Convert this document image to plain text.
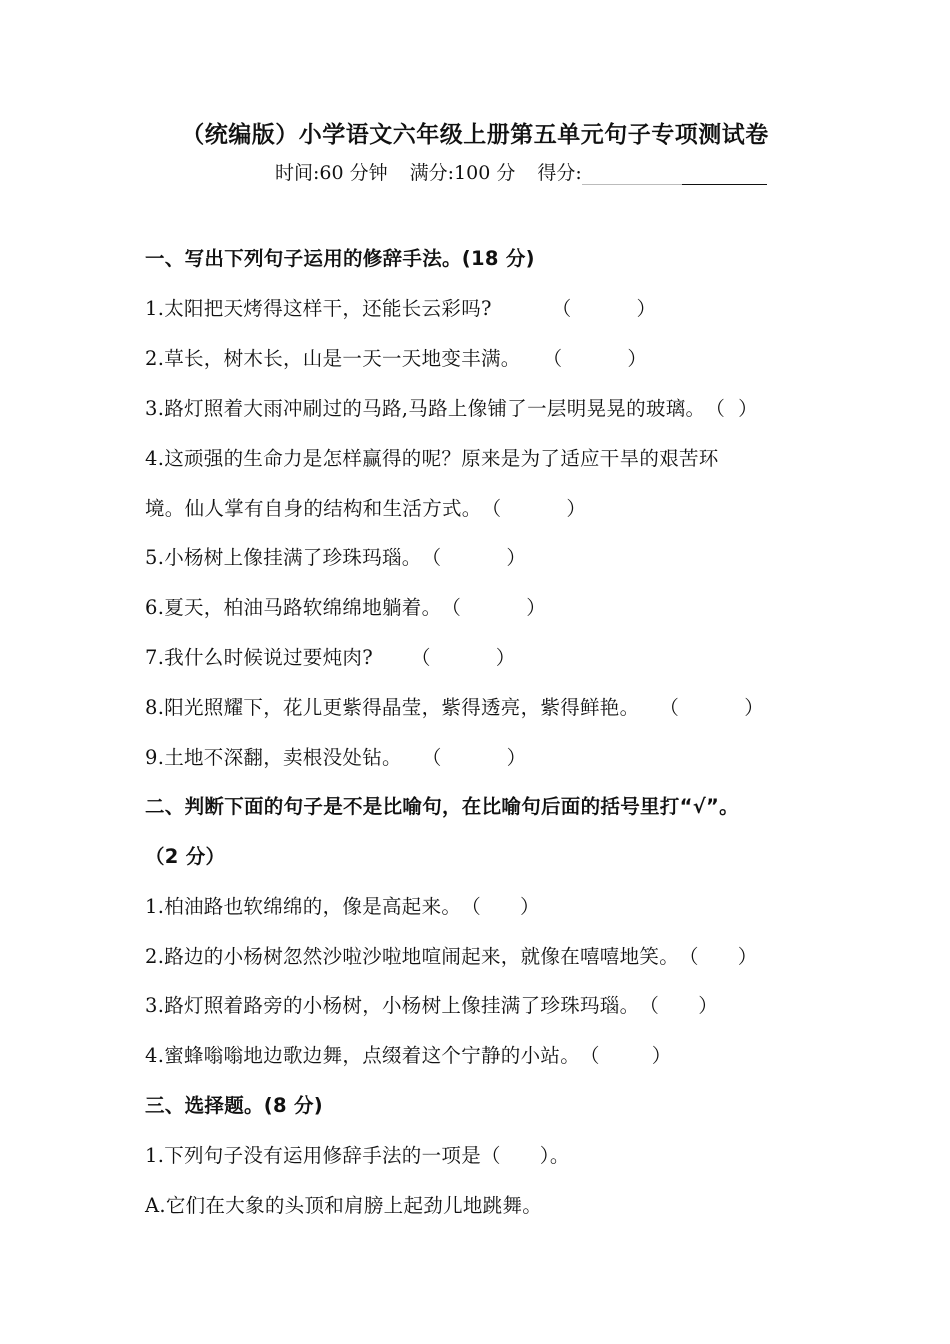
（统编版）小学语文六年级上册第五单元句子专项测试卷
时间:60 分钟 满分:100 分 得分:
一、写出下列句子运用的修辞手法。(18 分)
1.太阳把天烤得这样干，还能长云彩吗?	（          ）
2.草长，树木长，山是一天一天地变丰满。 （          ）
3.路灯照着大雨冲刷过的马路,马路上像铺了一层明晃晃的玻璃。（  ）
4.这顽强的生命力是怎样赢得的呢？原来是为了适应干旱的艰苦环
境。仙人掌有自身的结构和生活方式。（          ）
5.小杨树上像挂满了珍珠玛瑙。（          ）
6.夏天，柏油马路软绵绵地躺着。（          ）
7.我什么时候说过要炖肉? （          ）
8.阳光照耀下，花儿更紫得晶莹，紫得透亮，紫得鲜艳。 （          ）
9.土地不深翻，卖根没处钻。 （          ）
二、判断下面的句子是不是比喻句，在比喻句后面的括号里打“√”。
（2 分）
1.柏油路也软绵绵的，像是高起来。（      ）
2.路边的小杨树忽然沙啦沙啦地喧闹起来，就像在嘻嘻地笑。（      ）
3.路灯照着路旁的小杨树，小杨树上像挂满了珍珠玛瑙。（      ）
4.蜜蜂嗡嗡地边歌边舞，点缀着这个宁静的小站。（        ）
三、选择题。(8 分)
1.下列句子没有运用修辞手法的一项是（      ）。
A.它们在大象的头顶和肩膀上起劲儿地跳舞。
